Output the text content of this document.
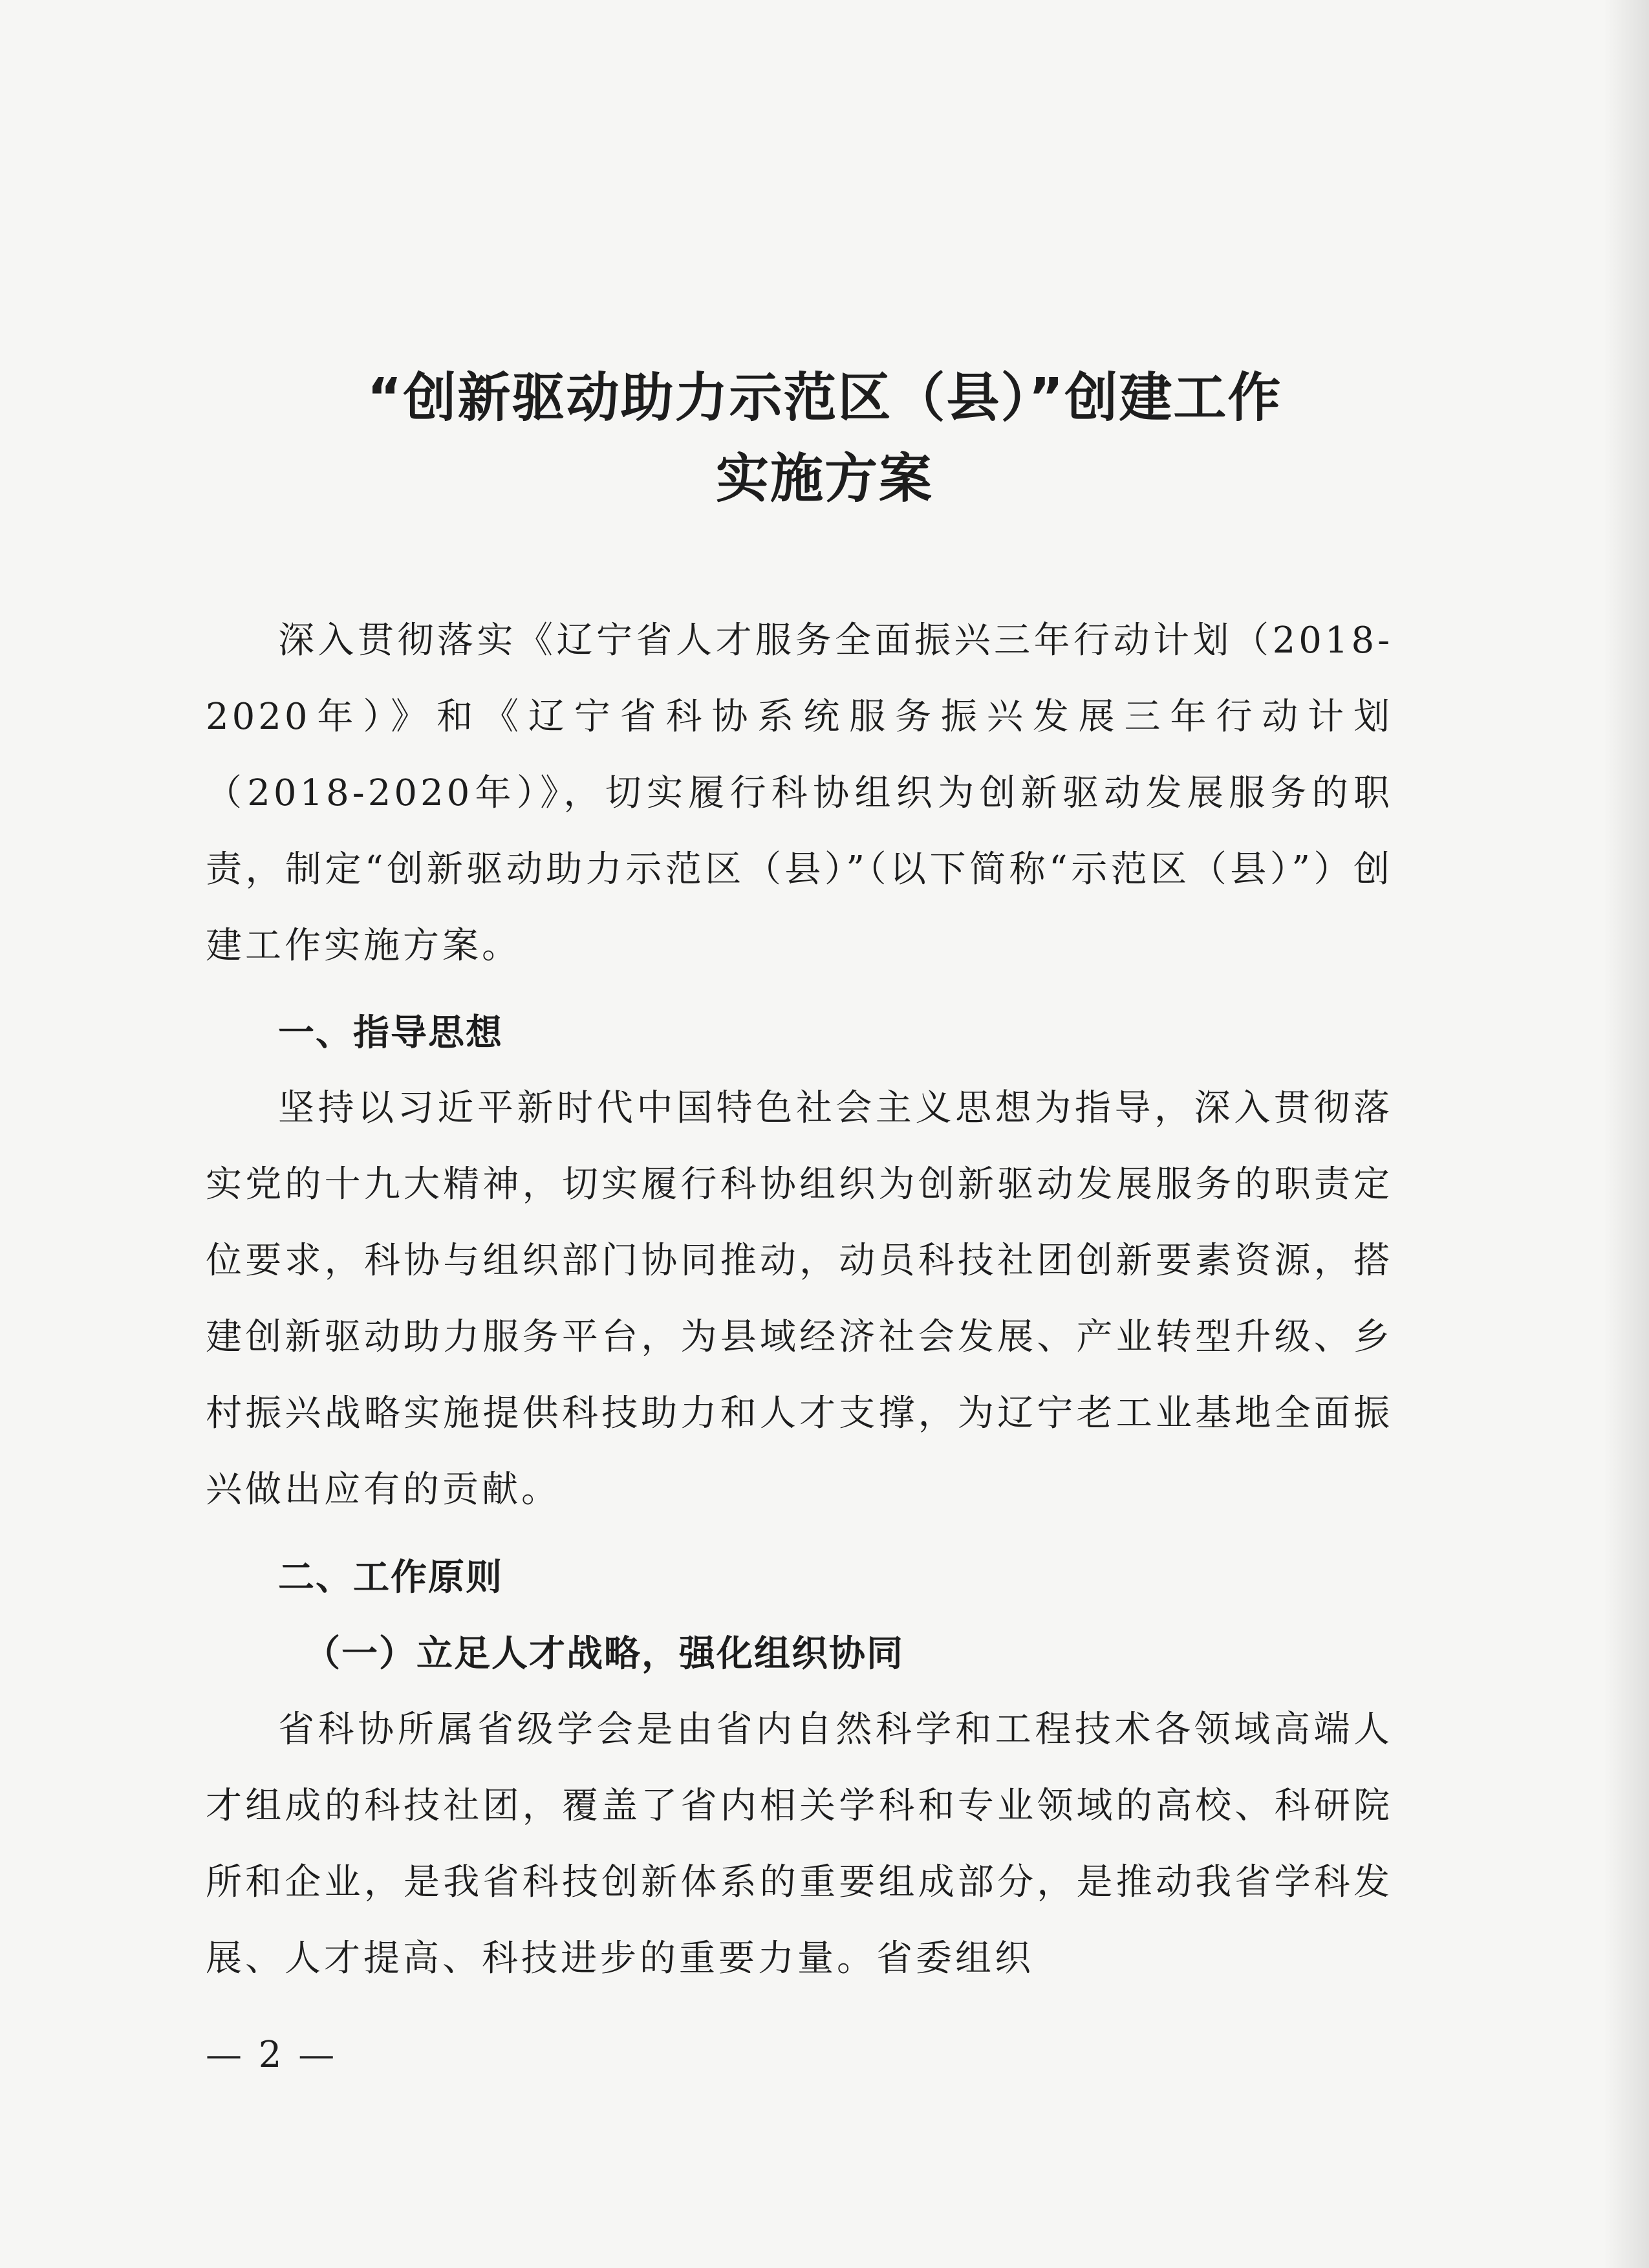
“创新驱动助力示范区（县）”创建工作
实施方案

深入贯彻落实《辽宁省人才服务全面振兴三年行动计划（2018-2020年）》和《辽宁省科协系统服务振兴发展三年行动计划（2018-2020年）》，切实履行科协组织为创新驱动发展服务的职责，制定“创新驱动助力示范区（县）”（以下简称“示范区（县）”）创建工作实施方案。

一、指导思想

坚持以习近平新时代中国特色社会主义思想为指导，深入贯彻落实党的十九大精神，切实履行科协组织为创新驱动发展服务的职责定位要求，科协与组织部门协同推动，动员科技社团创新要素资源，搭建创新驱动助力服务平台，为县域经济社会发展、产业转型升级、乡村振兴战略实施提供科技助力和人才支撑，为辽宁老工业基地全面振兴做出应有的贡献。

二、工作原则
（一）立足人才战略，强化组织协同

省科协所属省级学会是由省内自然科学和工程技术各领域高端人才组成的科技社团，覆盖了省内相关学科和专业领域的高校、科研院所和企业，是我省科技创新体系的重要组成部分，是推动我省学科发展、人才提高、科技进步的重要力量。省委组织

— 2 —
